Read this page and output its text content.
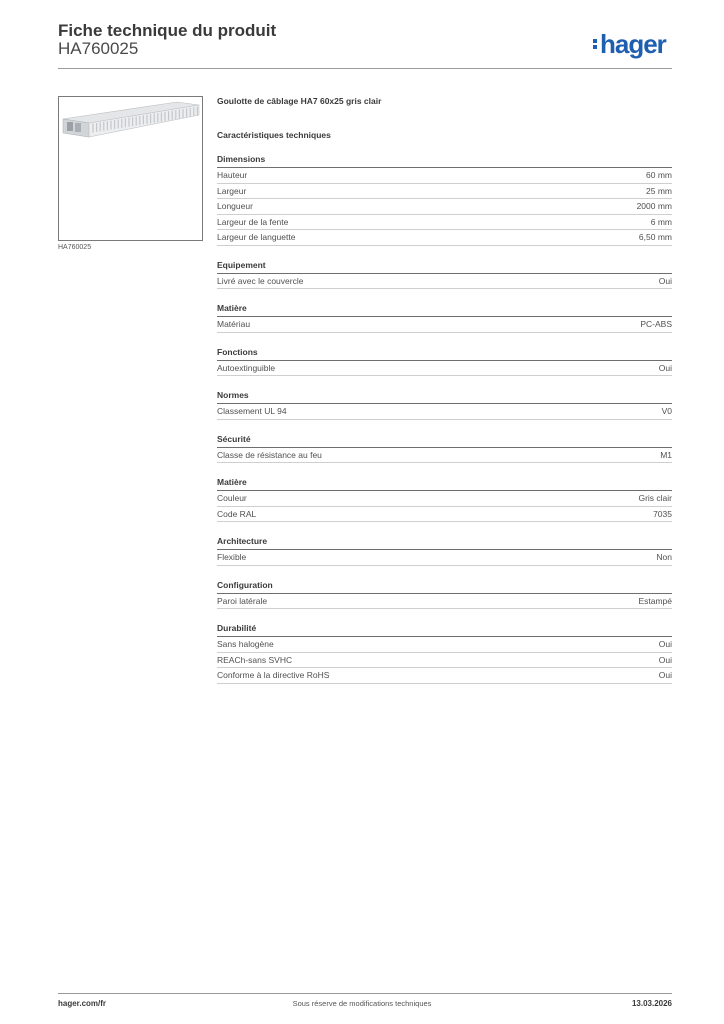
Fiche technique du produit
HA760025	hager
HA760025
Goulotte de câblage HA7 60x25 gris clair
Caractéristiques techniques
Dimensions
Hauteur	60 mm
Largeur	25 mm
Longueur	2000 mm
Largeur de la fente	6 mm
Largeur de languette	6,50 mm
Equipement
Livré avec le couvercle	Oui
Matière
Matériau	PC-ABS
Fonctions
Autoextinguible	Oui
Normes
Classement UL 94	V0
Sécurité
Classe de résistance au feu	M1
Matière
Couleur	Gris clair
Code RAL	7035
Architecture
Flexible	Non
Configuration
Paroi latérale	Estampé
Durabilité
Sans halogène	Oui
REACh-sans SVHC	Oui
Conforme à la directive RoHS	Oui
hager.com/fr	Sous réserve de modifications techniques	13.03.2026
